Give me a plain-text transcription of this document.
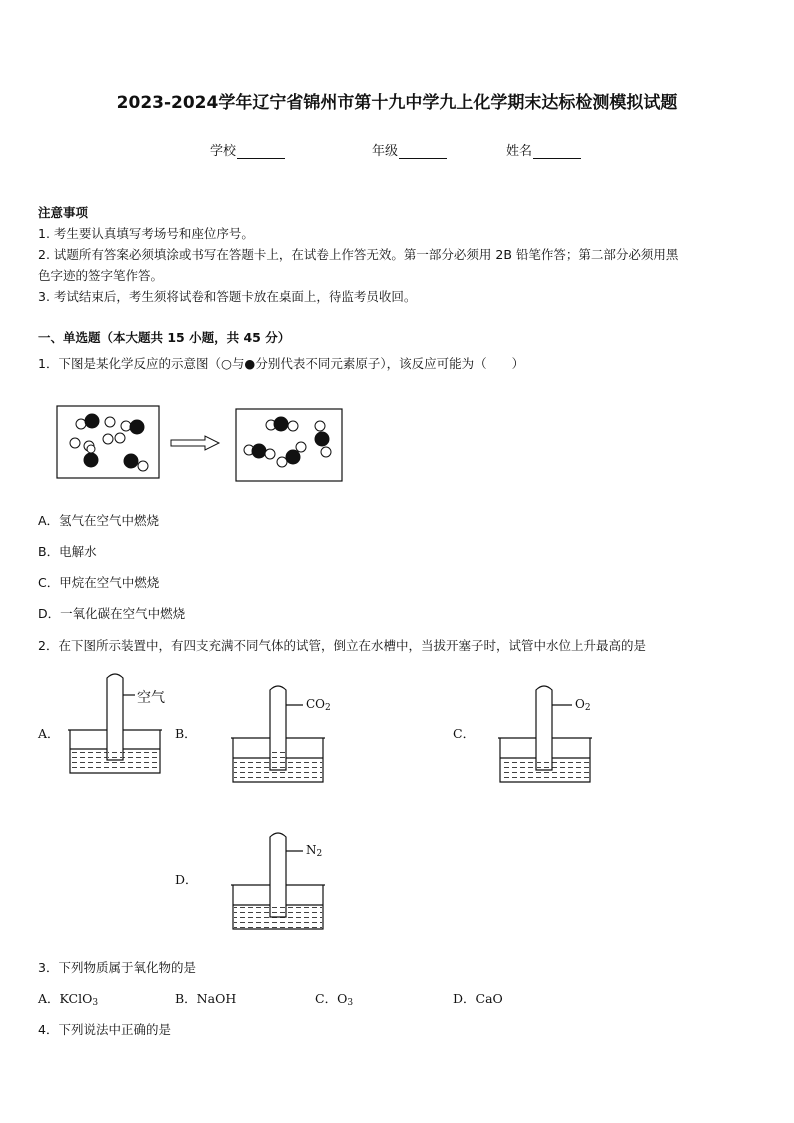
2023-2024学年辽宁省锦州市第十九中学九上化学期末达标检测模拟试题
学校	年级	姓名
注意事项
1. 考生要认真填写考场号和座位序号。
2. 试题所有答案必须填涂或书写在答题卡上，在试卷上作答无效。第一部分必须用 2B 铅笔作答；第二部分必须用黑
色字迹的签字笔作答。
3. 考试结束后，考生须将试卷和答题卡放在桌面上，待监考员收回。
一、单选题（本大题共 15 小题，共 45 分）
1．下图是某化学反应的示意图（○与●分别代表不同元素原子），该反应可能为（　　）
A．氢气在空气中燃烧
B．电解水
C．甲烷在空气中燃烧
D．一氧化碳在空气中燃烧
2．在下图所示装置中，有四支充满不同气体的试管，倒立在水槽中，当拔开塞子时，试管中水位上升最高的是
A．	B．	C．
D．
空气	$CO_2$	$O_2$
$N_2$
3．下列物质属于氧化物的是
A．KClO$_3$	B．NaOH	C．$O_3$	D．CaO
4．下列说法中正确的是
